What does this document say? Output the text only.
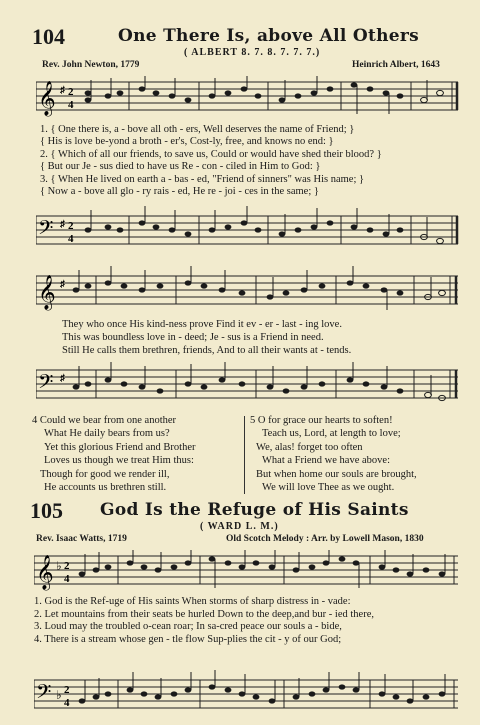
104	One There Is, above All Others
( ALBERT 8. 7. 8. 7. 7. 7.)
Rev. John Newton, 1779	Heinrich Albert, 1643
𝄞 ♯ 2
4
1. { One there is, a - bove all oth - ers, Well deserves the name of Friend; }
{ His is love be-yond a broth - er's, Cost-ly, free, and knows no end: }
2. { Which of all our friends, to save us, Could or would have shed their blood? }
{ But our Je - sus died to have us Re - con - ciled in Him to God: }
3. { When He lived on earth a - bas - ed, "Friend of sinners" was His name; }
{ Now a - bove all glo - ry rais - ed, He re - joi - ces in the same; }
𝄢 ♯ 2
4
𝄞 ♯
They who once His kind-ness prove Find it ev - er - last - ing love.
This was boundless love in - deed; Je - sus is a Friend in need.
Still He calls them brethren, friends, And to all their wants at - tends.
𝄢 ♯
4 Could we bear from one another
What He daily bears from us?
Yet this glorious Friend and Brother
Loves us though we treat Him thus:
Though for good we render ill,
He accounts us brethren still.
5 O for grace our hearts to soften!
Teach us, Lord, at length to love;
We, alas! forget too often
What a Friend we have above:
But when home our souls are brought,
We will love Thee as we ought.
105 God Is the Refuge of His Saints
( WARD L. M.)
Rev. Isaac Watts, 1719	Old Scotch Melody : Arr. by Lowell Mason, 1830
𝄞 ♭ 2
4
1. God is the Ref-uge of His saints When storms of sharp distress in - vade:
2. Let mountains from their seats be hurled Down to the deep,and bur - ied there,
3. Loud may the troubled o-cean roar; In sa-cred peace our souls a - bide,
4. There is a stream whose gen - tle flow Sup-plies the cit - y of our God;
𝄢 ♭ 2
4
